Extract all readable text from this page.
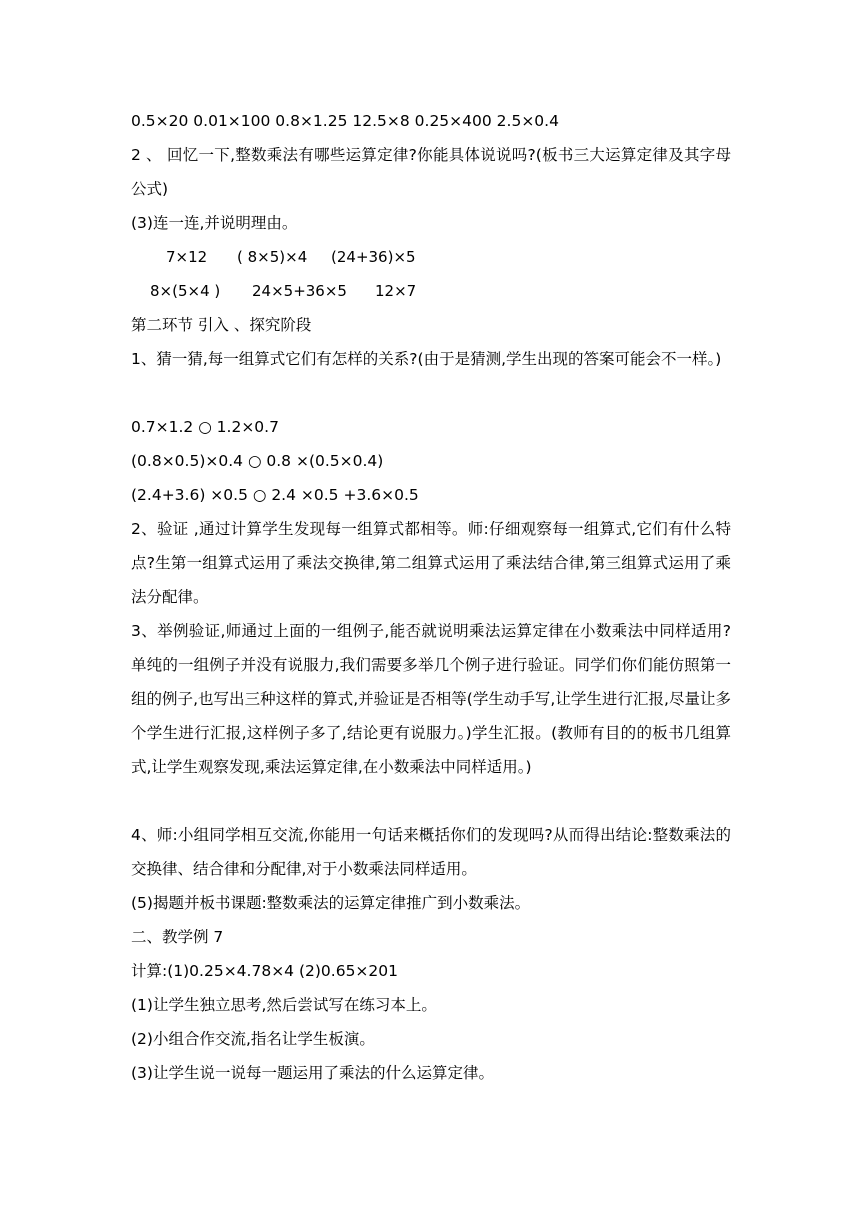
0.5×20 0.01×100 0.8×1.25 12.5×8 0.25×400 2.5×0.4
2 、 回忆一下,整数乘法有哪些运算定律?你能具体说说吗?(板书三大运算定律及其字母公式)
(3)连一连,并说明理由。
7×12 ( 8×5)×4 (24+36)×5
8×(5×4 ) 24×5+36×5 12×7
第二环节 引入 、探究阶段
1、猜一猜,每一组算式它们有怎样的关系?(由于是猜测,学生出现的答案可能会不一样。)
0.7×1.2 ○ 1.2×0.7
(0.8×0.5)×0.4 ○ 0.8 ×(0.5×0.4)
(2.4+3.6) ×0.5 ○ 2.4 ×0.5 +3.6×0.5
2、验证 ,通过计算学生发现每一组算式都相等。师:仔细观察每一组算式,它们有什么特点?生第一组算式运用了乘法交换律,第二组算式运用了乘法结合律,第三组算式运用了乘法分配律。
3、举例验证,师通过上面的一组例子,能否就说明乘法运算定律在小数乘法中同样适用?单纯的一组例子并没有说服力,我们需要多举几个例子进行验证。同学们你们能仿照第一组的例子,也写出三种这样的算式,并验证是否相等(学生动手写,让学生进行汇报,尽量让多个学生进行汇报,这样例子多了,结论更有说服力。)学生汇报。(教师有目的的板书几组算式,让学生观察发现,乘法运算定律,在小数乘法中同样适用。)
4、师:小组同学相互交流,你能用一句话来概括你们的发现吗?从而得出结论:整数乘法的交换律、结合律和分配律,对于小数乘法同样适用。
(5)揭题并板书课题:整数乘法的运算定律推广到小数乘法。
二、教学例 7
计算:(1)0.25×4.78×4 (2)0.65×201
(1)让学生独立思考,然后尝试写在练习本上。
(2)小组合作交流,指名让学生板演。
(3)让学生说一说每一题运用了乘法的什么运算定律。
